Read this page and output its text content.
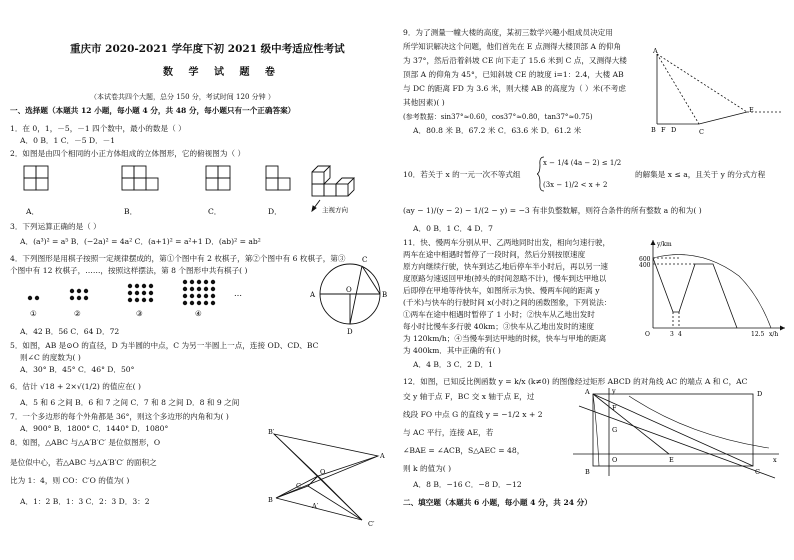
重庆市 2020-2021 学年度下初 2021 级中考适应性考试
数 学 试 题 卷
（本试卷共四个大题，总分 150 分，考试时间 120 分钟 ）
一、选择题（本题共 12 小题，每小题 4 分，共 48 分，每小题只有一个正确答案）
1．在 0，1，－5，－1 四个数中，最小的数是（ ）
A．0 B．1 C．－5 D．－1
2．如图是由四个相同的小正方体组成的立体图形，它的俯视图为（ ）
A．	B．	C．	D．	主视方向
3．下列运算正确的是（ ）
A．(a³)² = a⁵ B．(−2a)² = 4a² C．(a+1)² = a²+1 D．(ab)² = ab²
4．下列图形是用棋子按照一定规律摆成的，第①个图中有 2 枚棋子，第②个图中有 6 枚棋子，第③
个图中有 12 枚棋子，……，按照这样摆法，第 8 个图形中共有棋子( )
…
①	②	③	④
A．42 B．56 C．64 D．72
A	B
C
D
O
5．如图，AB 是⊙O 的直径，D 为半圆的中点，C 为另一半圆上一点，连接 OD、CD、BC
则∠C 的度数为( )
A．30° B．45° C．46° D．50°
6．估计 √18 + 2×√(1/2) 的值应在( )
A．5 和 6 之间 B．6 和 7 之间 C．7 和 8 之间 D．8 和 9 之间
7．一个多边形的每个外角都是 36°，则这个多边形的内角和为( )
A．900° B．1800° C．1440° D．1080°
8．如图，△ABC 与△A′B′C′ 是位似图形，O
是位似中心，若△ABC 与△A′B′C′ 的面积之
比为 1：4，则 CO：C′O 的值为( )
A．1：2 B．1：3 C．2：3 D．3：2
B′
A
O
C
B
C′
A′
9．为了测量一幢大楼的高度，某初三数学兴趣小组成员决定用
所学知识解决这个问题，他们首先在 E 点测得大楼顶部 A 的仰角
为 37°，然后沿着斜坡 CE 向下走了 15.6 米到 C 点，又测得大楼
顶部 A 的仰角为 45°，已知斜坡 CE 的坡度 i=1：2.4，大楼 AB
与 DC 的距离 FD 为 3.6 米，则大楼 AB 的高度为（ ）米(不考虑
其他因素)( )
(参考数据：sin37°≈0.60，cos37°≈0.80，tan37°≈0.75)
A．80.8 米 B．67.2 米 C．63.6 米 D．61.2 米
A
B F D	C
E
10．若关于 x 的一元一次不等式组
x − 1/4 (4a − 2) ≤ 1/2
(3x − 1)/2 < x + 2
的解集是 x ≤ a，且关于 y 的分式方程
(ay − 1)/(y − 2) − 1/(2 − y) = −3 有非负整数解，则符合条件的所有整数 a 的和为( )
A．0 B．1 C．4 D．7
11．快、慢两车分别从甲、乙两地同时出发，相向匀速行驶，
两车在途中相遇时暂停了一段时间，然后分别按原速度
原方向继续行驶，快车到达乙地后停车半小时后，再以另一速
度原路匀速返回甲地(掉头的时间忽略不计)，慢车到达甲地以
后即停在甲地等待快车，如图所示为快、慢两车间的距离 y
(千米)与快车的行驶时间 x(小时)之间的函数图象，下列说法：
①两车在途中相遇时暂停了 1 小时；②快车从乙地出发时
每小时比慢车多行驶 40km；③快车从乙地出发时的速度
为 120km/h；④当慢车到达甲地的时候，快车与甲地的距离
为 400km．其中正确的有( )
A．4 B．3 C．2 D．1
y/km
600
400
O	3 4	12.5 x/h
12．如图，已知反比例函数 y = k/x (k≠0) 的图像经过矩形 ABCD 的对角线 AC 的端点 A 和 C，AC
交 y 轴于点 F，BC 交 x 轴于点 E，过
线段 FO 中点 G 的直线 y = −1/2 x + 2
与 AC 平行，连接 AE，若
∠BAE = ∠ACB，S△AEC = 48，
则 k 的值为( )
A．8 B．−16 C．−8 D．−12
y	D
A
F
G
O	E
C
B
x
二、填空题（本题共 6 小题，每小题 4 分，共 24 分）
